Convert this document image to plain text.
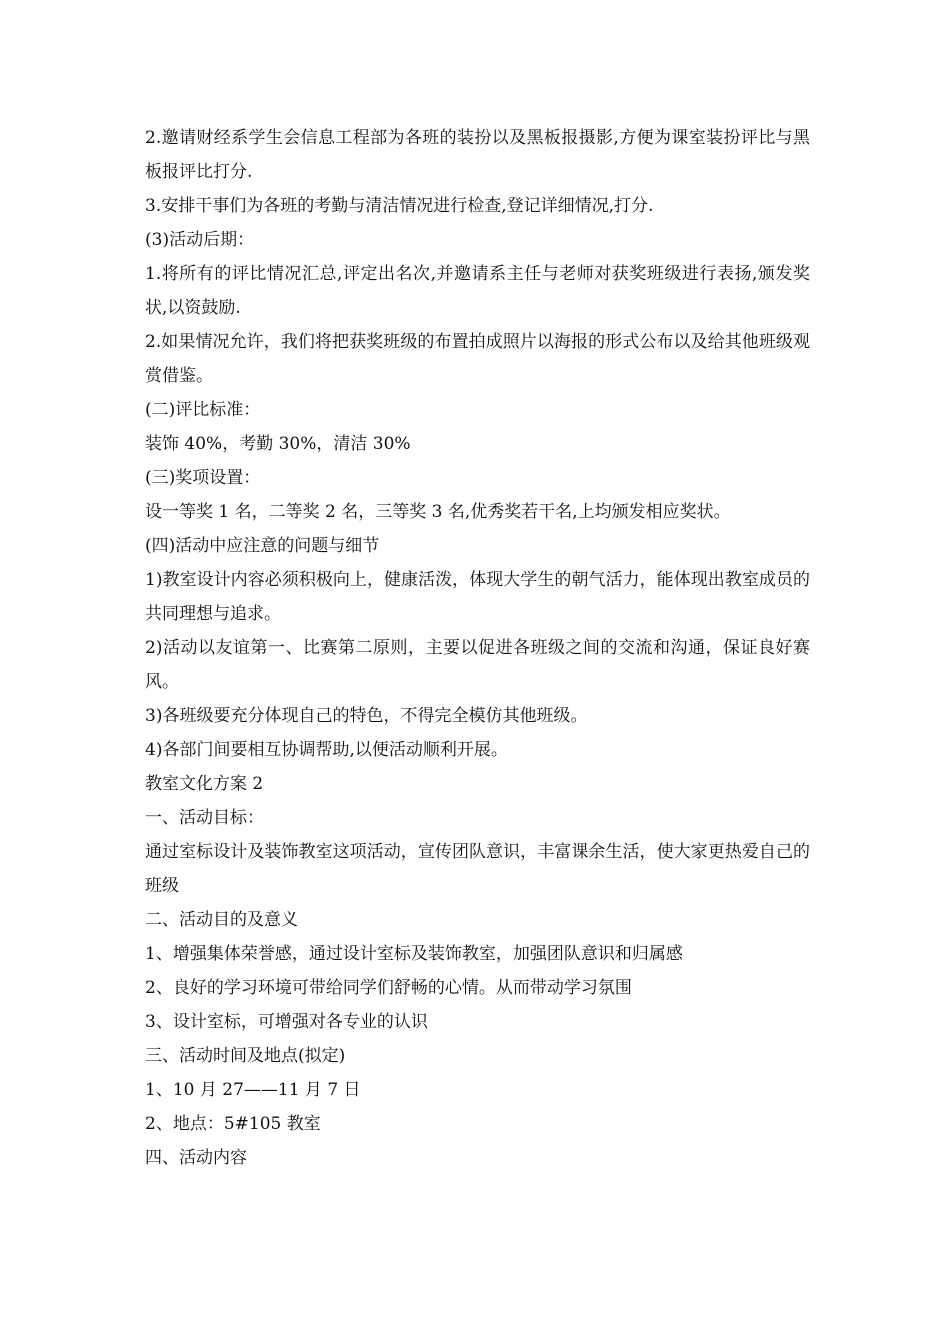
2.邀请财经系学生会信息工程部为各班的装扮以及黑板报摄影,方便为课室装扮评比与黑板报评比打分.

3.安排干事们为各班的考勤与清洁情况进行检查,登记详细情况,打分.

(3)活动后期：

1.将所有的评比情况汇总,评定出名次,并邀请系主任与老师对获奖班级进行表扬,颁发奖状,以资鼓励.

2.如果情况允许，我们将把获奖班级的布置拍成照片以海报的形式公布以及给其他班级观赏借鉴。

(二)评比标准：

装饰 40%，考勤 30%，清洁 30%

(三)奖项设置：

设一等奖 1 名，二等奖 2 名，三等奖 3 名,优秀奖若干名,上均颁发相应奖状。

(四)活动中应注意的问题与细节

1)教室设计内容必须积极向上，健康活泼，体现大学生的朝气活力，能体现出教室成员的共同理想与追求。

2)活动以友谊第一、比赛第二原则，主要以促进各班级之间的交流和沟通，保证良好赛风。

3)各班级要充分体现自己的特色，不得完全模仿其他班级。

4)各部门间要相互协调帮助,以便活动顺利开展。

教室文化方案 2

一、活动目标：

通过室标设计及装饰教室这项活动，宣传团队意识，丰富课余生活，使大家更热爱自己的班级

二、活动目的及意义

1、增强集体荣誉感，通过设计室标及装饰教室，加强团队意识和归属感

2、良好的学习环境可带给同学们舒畅的心情。从而带动学习氛围

3、设计室标，可增强对各专业的认识

三、活动时间及地点(拟定)

1、10 月 27——11 月 7 日

2、地点：5#105 教室

四、活动内容
